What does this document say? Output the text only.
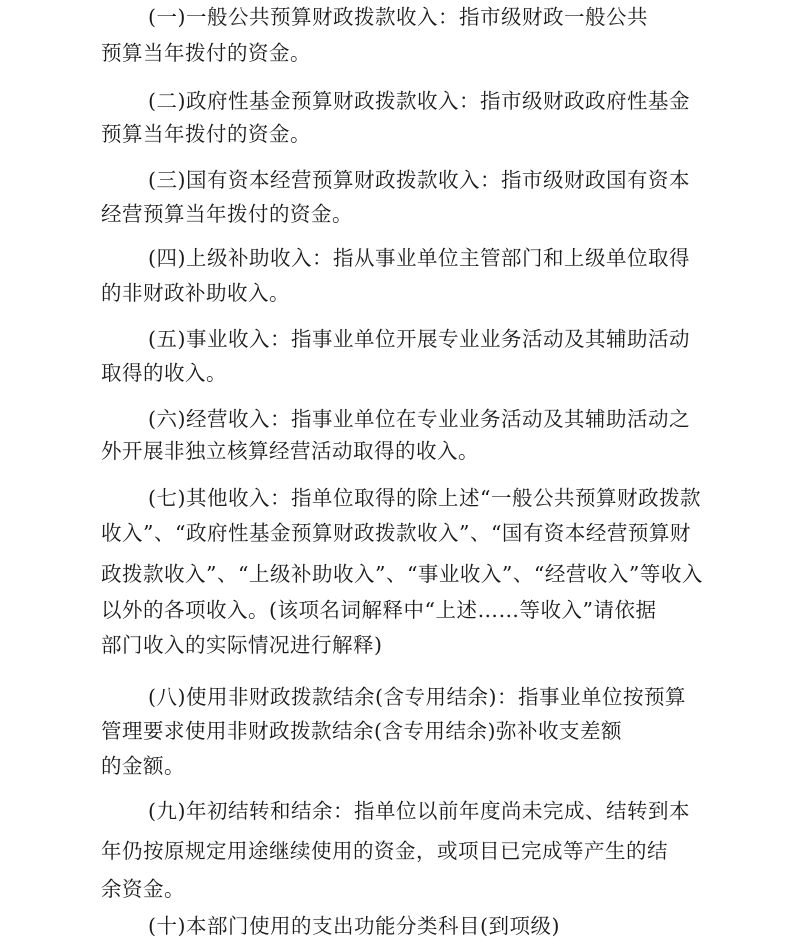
(一)一般公共预算财政拨款收入：指市级财政一般公共
预算当年拨付的资金。
(二)政府性基金预算财政拨款收入：指市级财政政府性基金
预算当年拨付的资金。
(三)国有资本经营预算财政拨款收入：指市级财政国有资本
经营预算当年拨付的资金。
(四)上级补助收入：指从事业单位主管部门和上级单位取得
的非财政补助收入。
(五)事业收入：指事业单位开展专业业务活动及其辅助活动
取得的收入。
(六)经营收入：指事业单位在专业业务活动及其辅助活动之
外开展非独立核算经营活动取得的收入。
(七)其他收入：指单位取得的除上述“一般公共预算财政拨款
收入”、“政府性基金预算财政拨款收入”、“国有资本经营预算财
政拨款收入”、“上级补助收入”、“事业收入”、“经营收入”等收入
以外的各项收入。(该项名词解释中“上述……等收入”请依据
部门收入的实际情况进行解释)
(八)使用非财政拨款结余(含专用结余)：指事业单位按预算
管理要求使用非财政拨款结余(含专用结余)弥补收支差额
的金额。
(九)年初结转和结余：指单位以前年度尚未完成、结转到本
年仍按原规定用途继续使用的资金，或项目已完成等产生的结
余资金。
(十)本部门使用的支出功能分类科目(到项级)
